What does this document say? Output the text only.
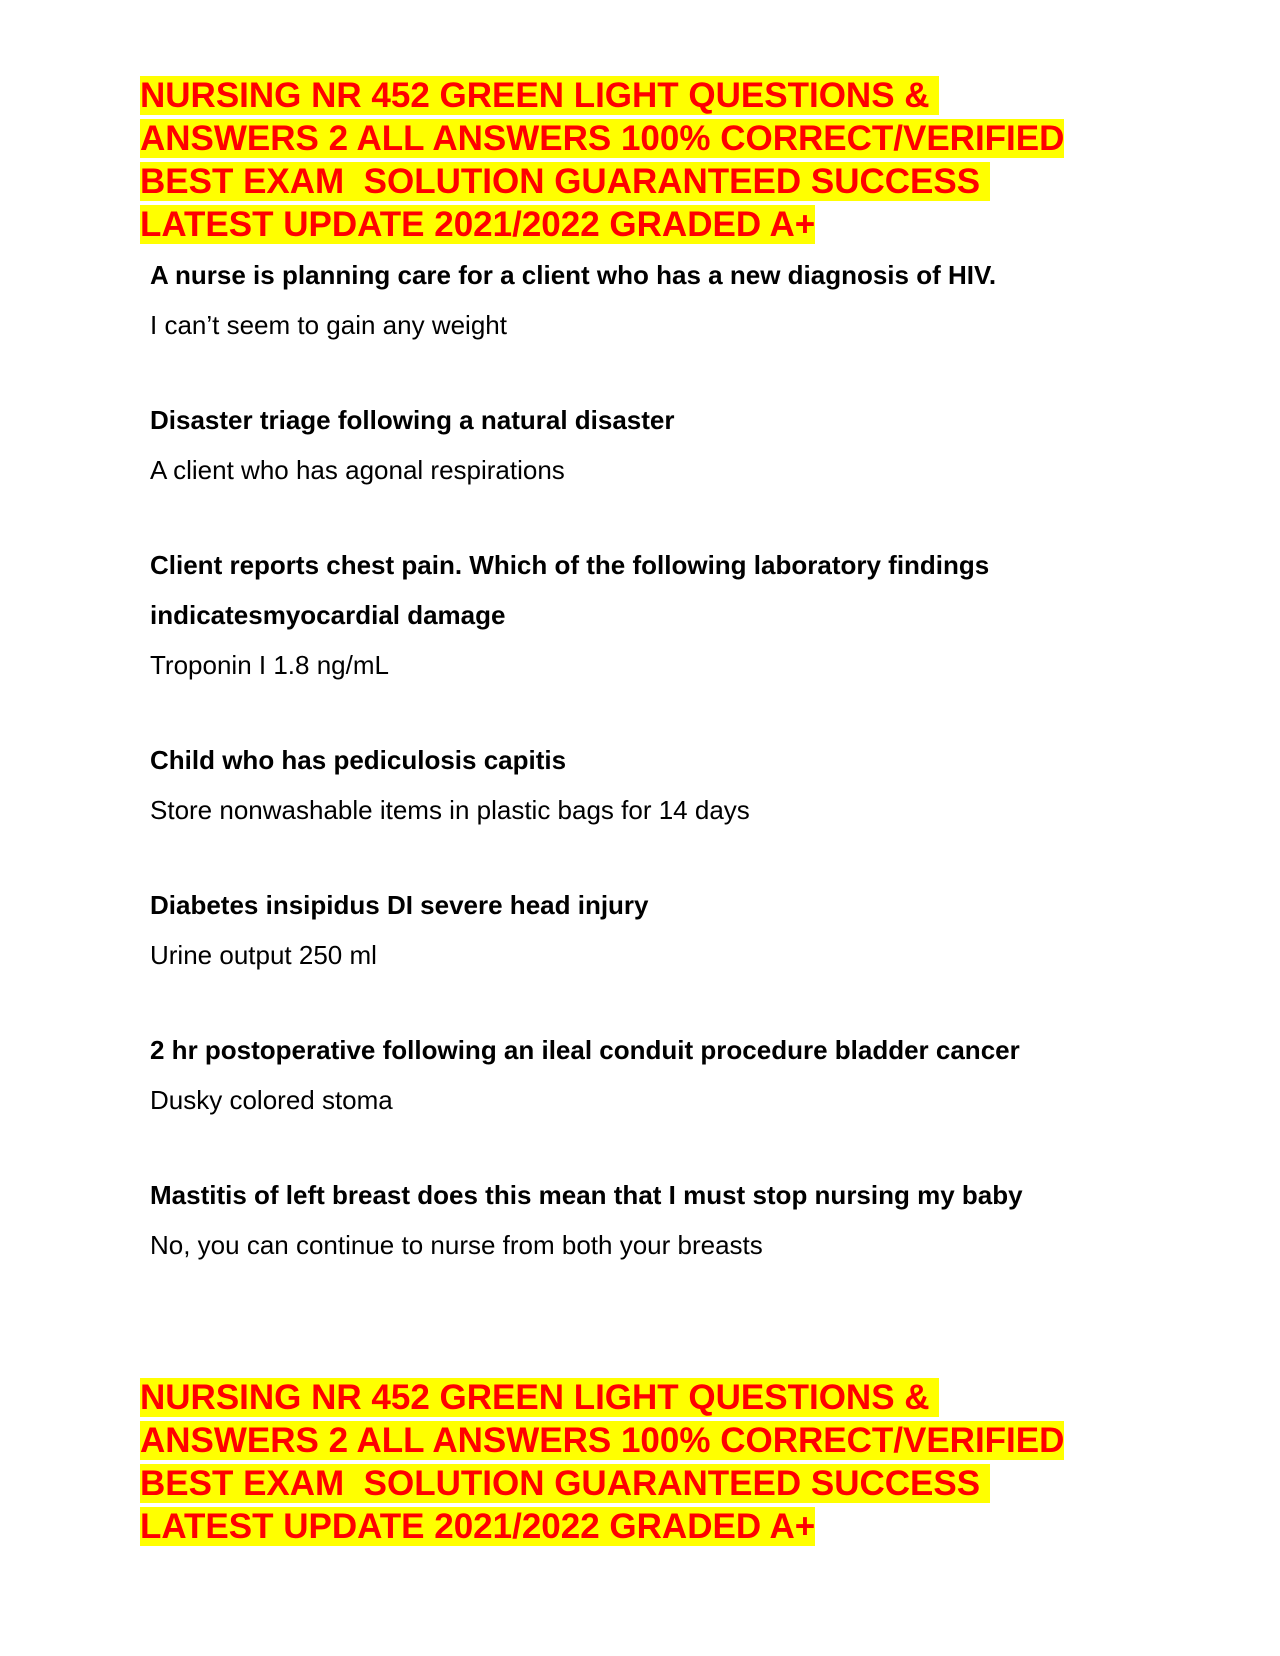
NURSING NR 452 GREEN LIGHT QUESTIONS &
ANSWERS 2 ALL ANSWERS 100% CORRECT/VERIFIED
BEST EXAM  SOLUTION GUARANTEED SUCCESS
LATEST UPDATE 2021/2022 GRADED A+

A nurse is planning care for a client who has a new diagnosis of HIV.

I can’t seem to gain any weight

Disaster triage following a natural disaster

A client who has agonal respirations

Client reports chest pain. Which of the following laboratory findings indicatesmyocardial damage

Troponin I 1.8 ng/mL

Child who has pediculosis capitis

Store nonwashable items in plastic bags for 14 days

Diabetes insipidus DI severe head injury

Urine output 250 ml

2 hr postoperative following an ileal conduit procedure bladder cancer

Dusky colored stoma

Mastitis of left breast does this mean that I must stop nursing my baby

No, you can continue to nurse from both your breasts

NURSING NR 452 GREEN LIGHT QUESTIONS &
ANSWERS 2 ALL ANSWERS 100% CORRECT/VERIFIED
BEST EXAM  SOLUTION GUARANTEED SUCCESS
LATEST UPDATE 2021/2022 GRADED A+
